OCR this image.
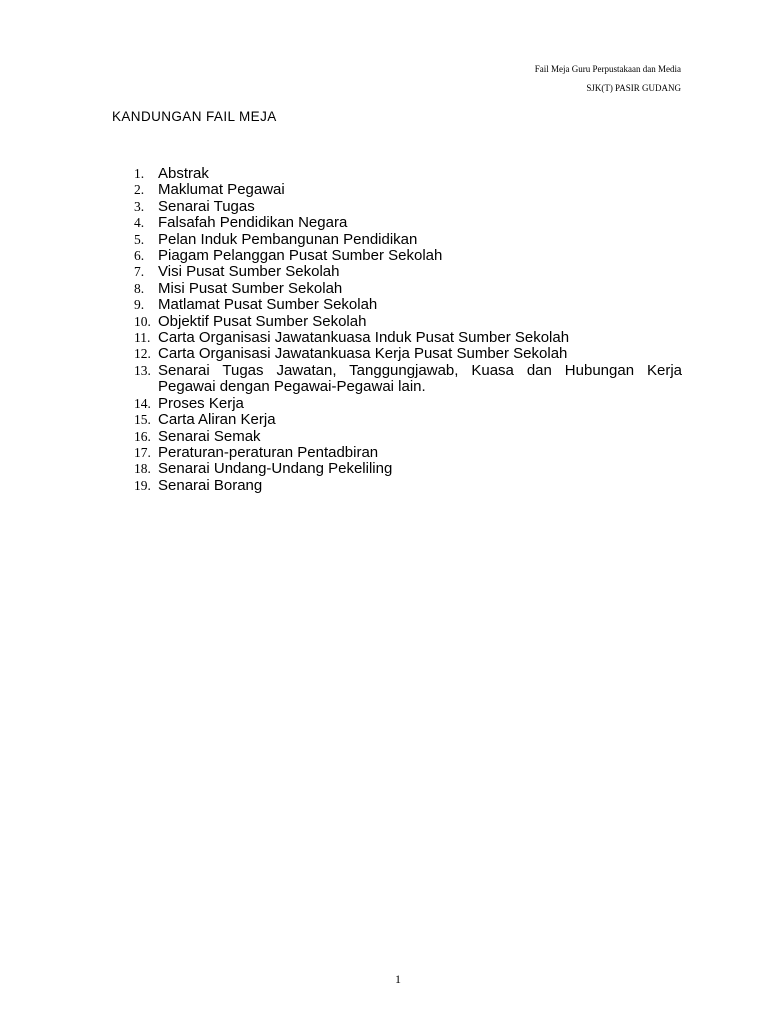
Fail Meja Guru Perpustakaan dan Media
SJK(T) PASIR GUDANG
KANDUNGAN FAIL MEJA
1. Abstrak
2. Maklumat Pegawai
3. Senarai Tugas
4. Falsafah Pendidikan Negara
5. Pelan Induk Pembangunan Pendidikan
6. Piagam Pelanggan Pusat Sumber Sekolah
7. Visi Pusat Sumber Sekolah
8. Misi Pusat Sumber Sekolah
9. Matlamat Pusat Sumber Sekolah
10. Objektif Pusat Sumber Sekolah
11. Carta Organisasi Jawatankuasa Induk Pusat Sumber Sekolah
12. Carta Organisasi Jawatankuasa Kerja Pusat Sumber Sekolah
13. Senarai Tugas Jawatan, Tanggungjawab, Kuasa dan Hubungan Kerja Pegawai dengan Pegawai-Pegawai lain.
14. Proses Kerja
15. Carta Aliran Kerja
16. Senarai Semak
17. Peraturan-peraturan Pentadbiran
18. Senarai Undang-Undang Pekeliling
19. Senarai Borang
1
